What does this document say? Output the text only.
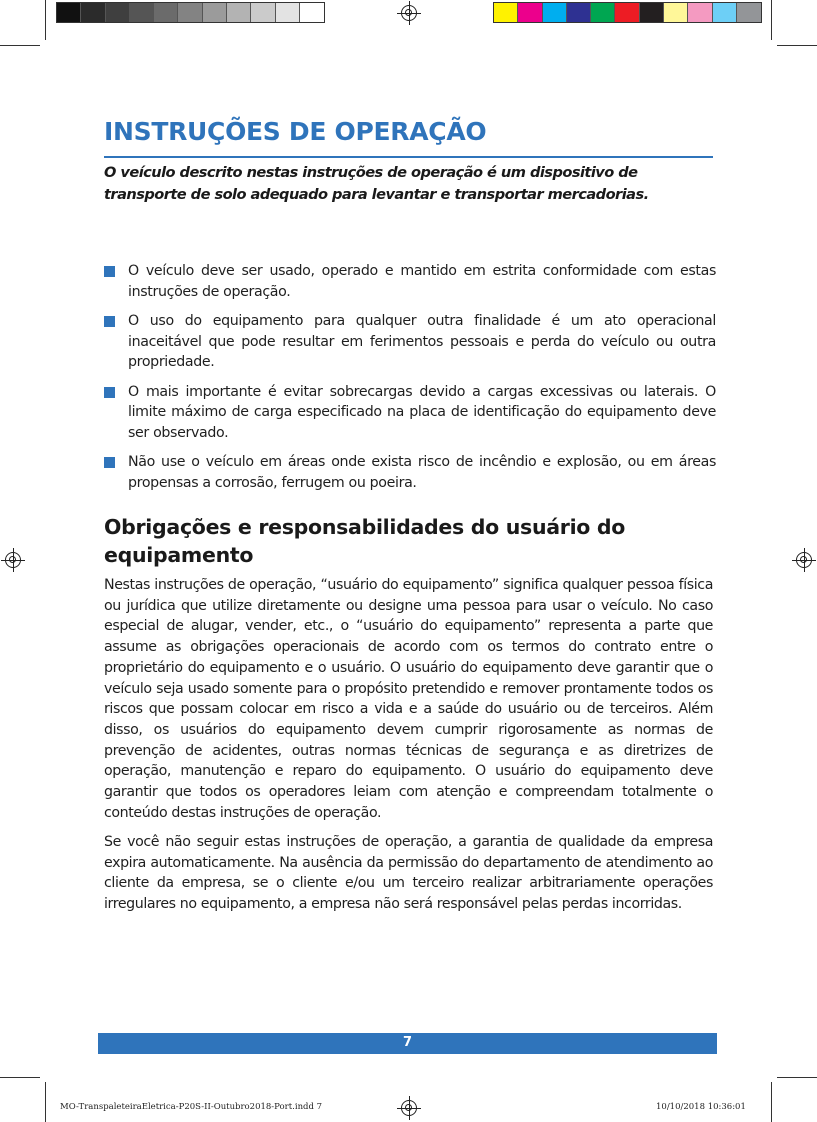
INSTRUÇÕES DE OPERAÇÃO

O veículo descrito nestas instruções de operação é um dispositivo de transporte de solo adequado para levantar e transportar mercadorias.

O veículo deve ser usado, operado e mantido em estrita conformidade com estas instruções de operação.
O uso do equipamento para qualquer outra finalidade é um ato operacional inaceitável que pode resultar em ferimentos pessoais e perda do veículo ou outra propriedade.
O mais importante é evitar sobrecargas devido a cargas excessivas ou laterais. O limite máximo de carga especificado na placa de identificação do equipamento deve ser observado.
Não use o veículo em áreas onde exista risco de incêndio e explosão, ou em áreas propensas a corrosão, ferrugem ou poeira.
Obrigações e responsabilidades do usuário do equipamento

Nestas instruções de operação, “usuário do equipamento” significa qualquer pessoa física ou jurídica que utilize diretamente ou designe uma pessoa para usar o veículo. No caso especial de alugar, vender, etc., o “usuário do equipamento” representa a parte que assume as obrigações operacionais de acordo com os termos do contrato entre o proprietário do equipamento e o usuário. O usuário do equipamento deve garantir que o veículo seja usado somente para o propósito pretendido e remover prontamente todos os riscos que possam colocar em risco a vida e a saúde do usuário ou de terceiros. Além disso, os usuários do equipamento devem cumprir rigorosamente as normas de prevenção de acidentes, outras normas técnicas de segurança e as diretrizes de operação, manutenção e reparo do equipamento. O usuário do equipamento deve garantir que todos os operadores leiam com atenção e compreendam totalmente o conteúdo destas instruções de operação.

Se você não seguir estas instruções de operação, a garantia de qualidade da empresa expira automaticamente. Na ausência da permissão do departamento de atendimento ao cliente da empresa, se o cliente e/ou um terceiro realizar arbitrariamente operações irregulares no equipamento, a empresa não será responsável pelas perdas incorridas.

7
MO-TranspaleteiraEletrica-P20S-II-Outubro2018-Port.indd 7	10/10/2018 10:36:01
